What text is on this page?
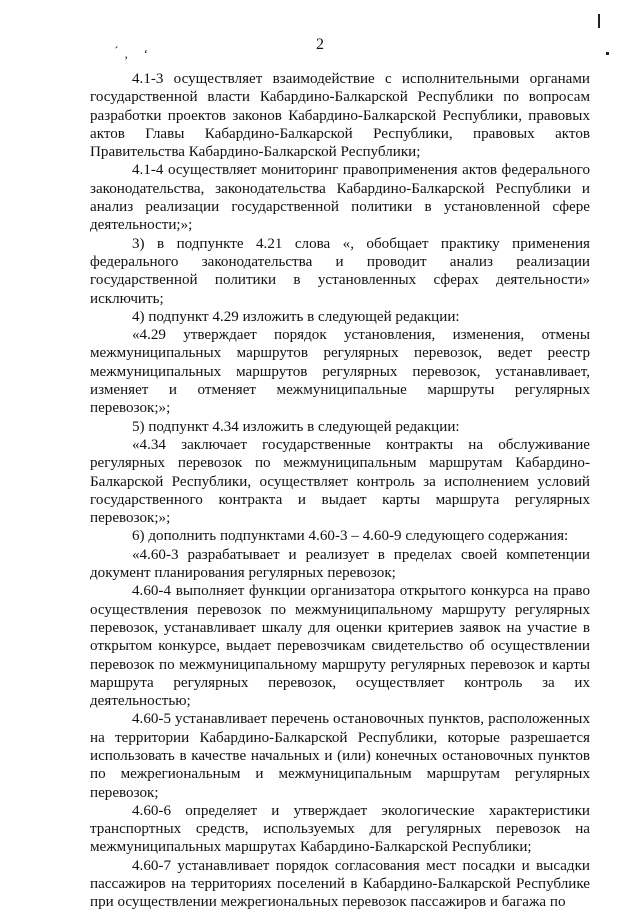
́‚ ‘
2

4.1-3 осуществляет взаимодействие с исполнительными органами государственной власти Кабардино-Балкарской Республики по вопросам разработки проектов законов Кабардино-Балкарской Республики, правовых актов Главы Кабардино-Балкарской Республики, правовых актов Правительства Кабардино-Балкарской Республики;

4.1-4 осуществляет мониторинг правоприменения актов федерального законодательства, законодательства Кабардино-Балкарской Республики и анализ реализации государственной политики в установленной сфере деятельности;»;

3) в подпункте 4.21 слова «, обобщает практику применения федерального законодательства и проводит анализ реализации государственной политики в установленных сферах деятельности» исключить;

4) подпункт 4.29 изложить в следующей редакции:

«4.29 утверждает порядок установления, изменения, отмены межмуниципальных маршрутов регулярных перевозок, ведет реестр межмуниципальных маршрутов регулярных перевозок, устанавливает, изменяет и отменяет межмуниципальные маршруты регулярных перевозок;»;

5) подпункт 4.34 изложить в следующей редакции:

«4.34 заключает государственные контракты на обслуживание регулярных перевозок по межмуниципальным маршрутам Кабардино-Балкарской Республики, осуществляет контроль за исполнением условий государственного контракта и выдает карты маршрута регулярных перевозок;»;

6) дополнить подпунктами 4.60-3 – 4.60-9 следующего содержания:

«4.60-3 разрабатывает и реализует в пределах своей компетенции документ планирования регулярных перевозок;

4.60-4 выполняет функции организатора открытого конкурса на право осуществления перевозок по межмуниципальному маршруту регулярных перевозок, устанавливает шкалу для оценки критериев заявок на участие в открытом конкурсе, выдает перевозчикам свидетельство об осуществлении перевозок по межмуниципальному маршруту регулярных перевозок и карты маршрута регулярных перевозок, осуществляет контроль за их деятельностью;

4.60-5 устанавливает перечень остановочных пунктов, расположенных на территории Кабардино-Балкарской Республики, которые разрешается использовать в качестве начальных и (или) конечных остановочных пунктов по межрегиональным и межмуниципальным маршрутам регулярных перевозок;

4.60-6 определяет и утверждает экологические характеристики транспортных средств, используемых для регулярных перевозок на межмуниципальных маршрутах Кабардино-Балкарской Республики;

4.60-7 устанавливает порядок согласования мест посадки и высадки пассажиров на территориях поселений в Кабардино-Балкарской Республике при осуществлении межрегиональных перевозок пассажиров и багажа по
